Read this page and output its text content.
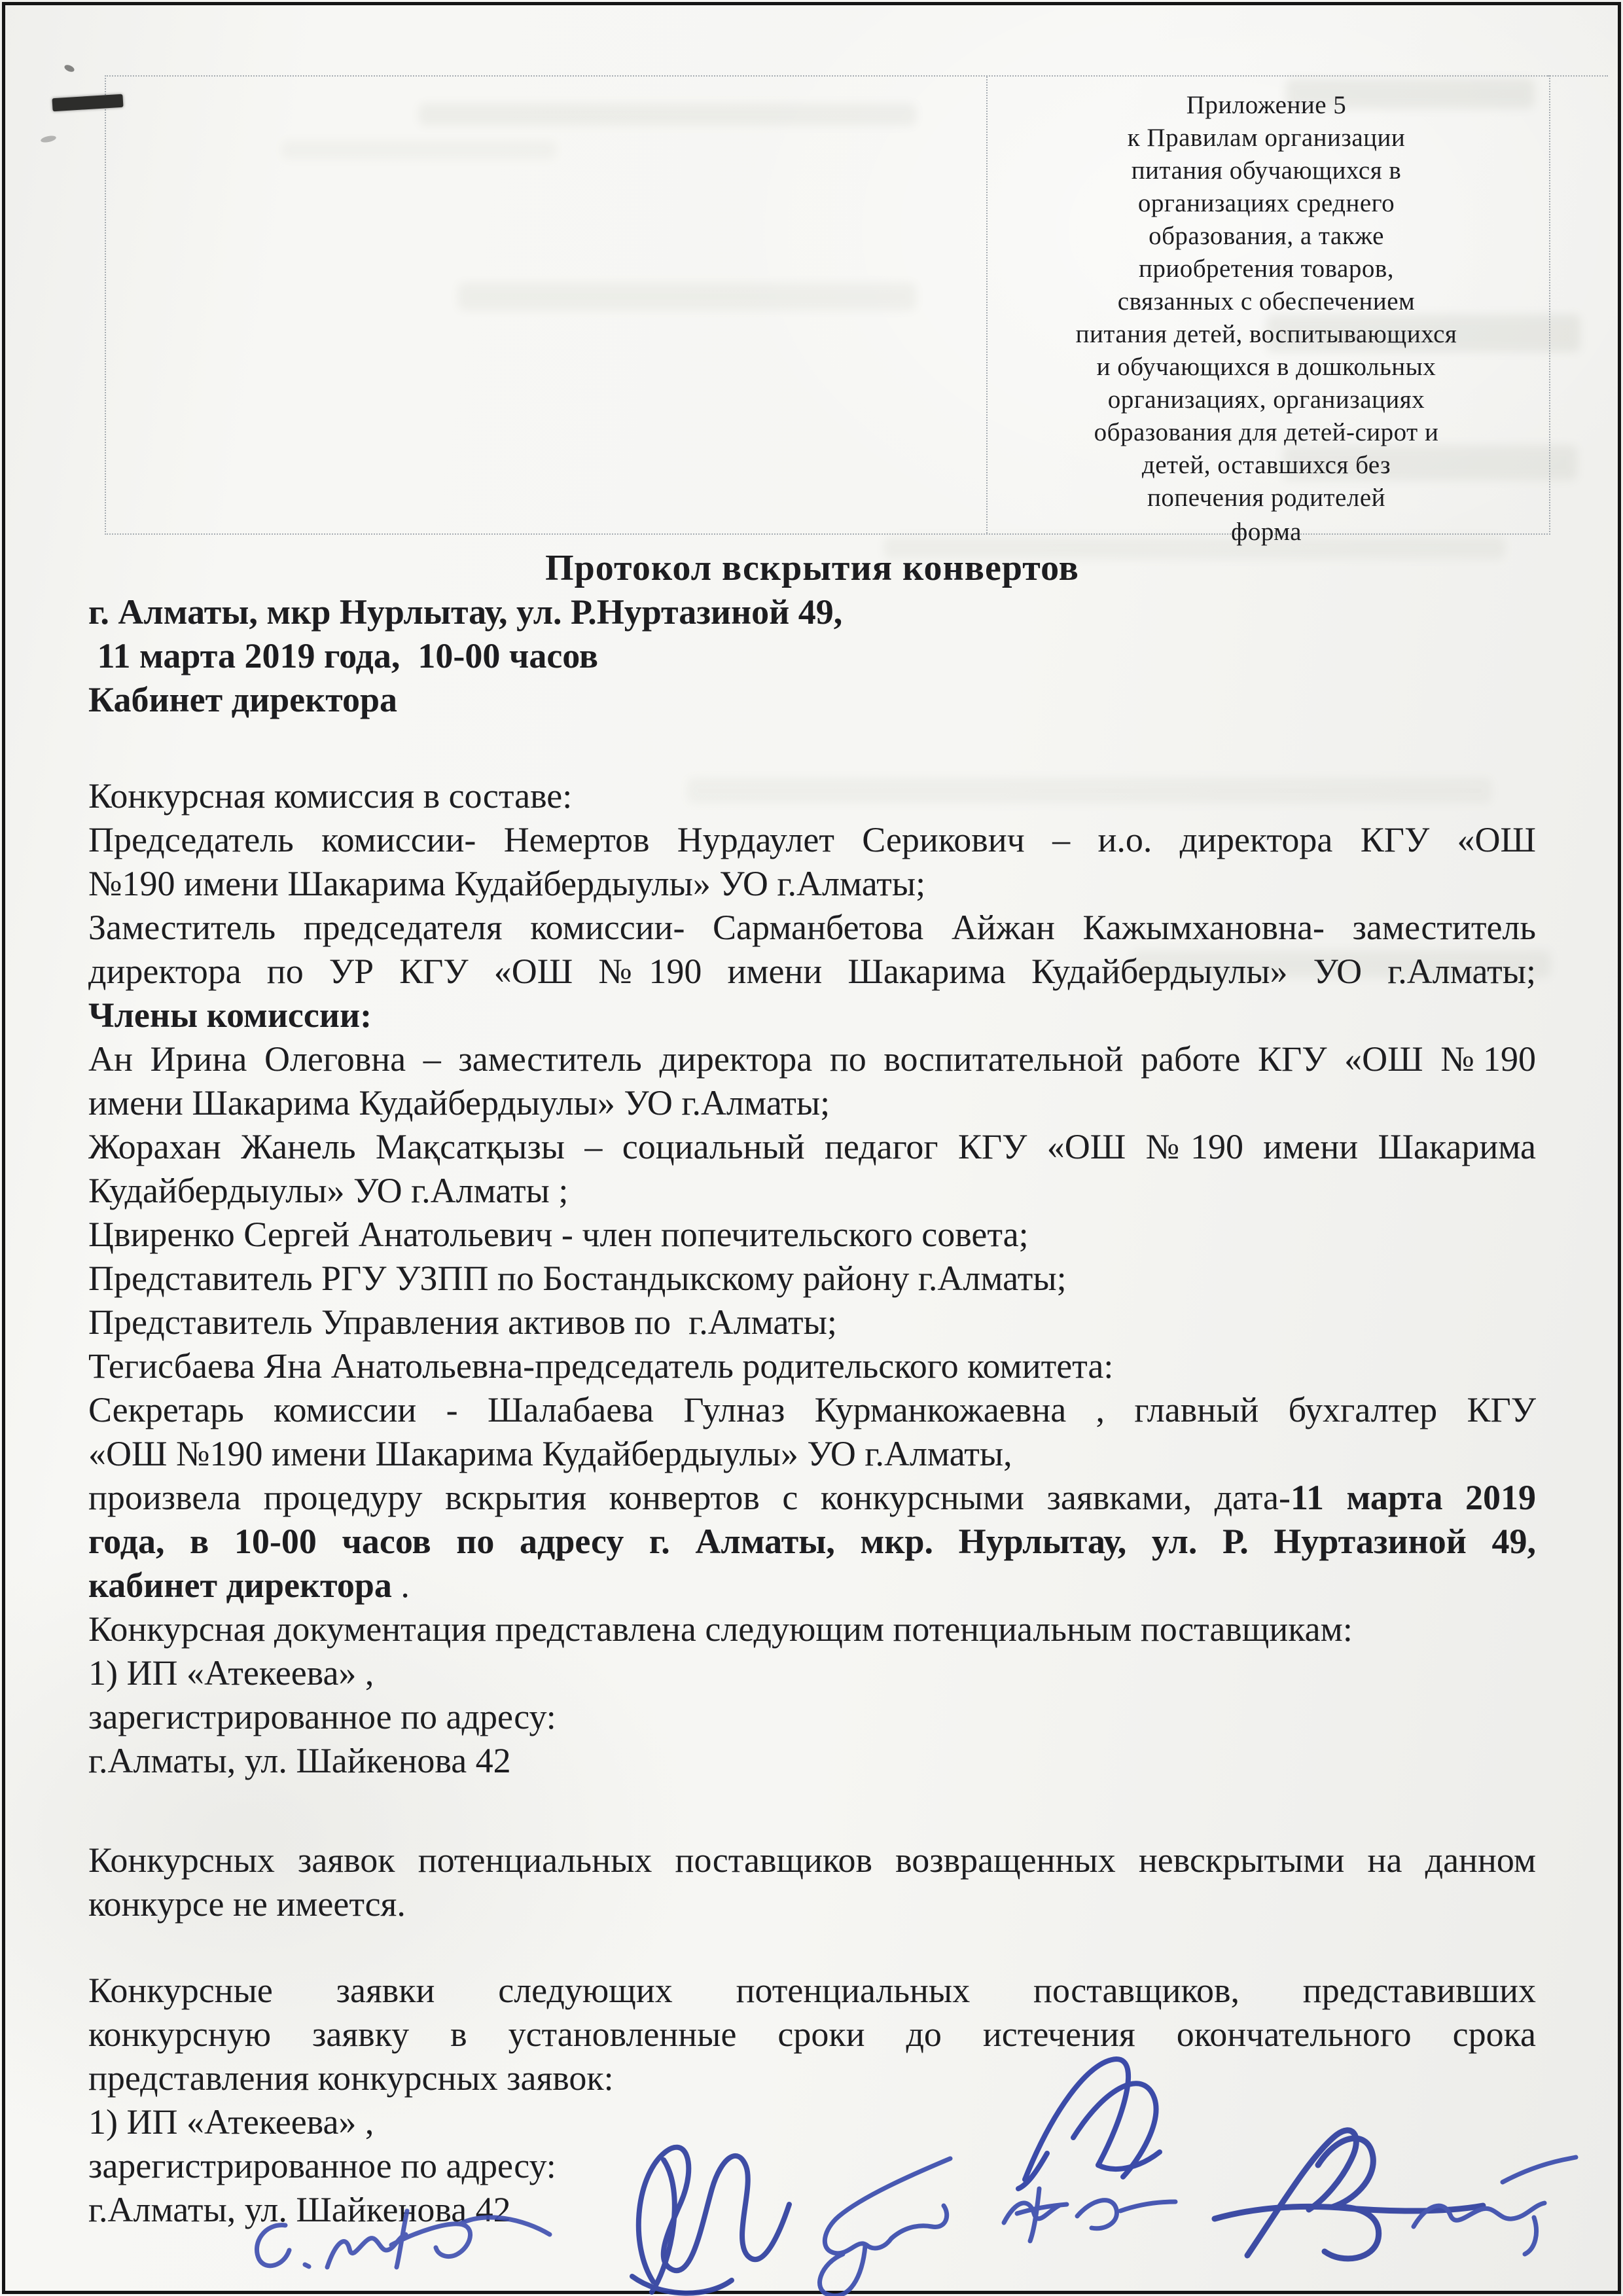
Приложение 5
к Правилам организации
питания обучающихся в
организациях среднего
образования, а также
приобретения товаров,
связанных с обеспечением
питания детей, воспитывающихся
и обучающихся в дошкольных
организациях, организациях
образования для детей-сирот и
детей, оставшихся без
попечения родителей
форма
Протокол вскрытия конвертов
г. Алматы, мкр Нурлытау, ул. Р.Нуртазиной 49,
11 марта 2019 года,  10-00 часов
Кабинет директора
Конкурсная комиссия в составе:
Председатель комиссии- Немертов Нурдаулет Серикович – и.о. директора КГУ «ОШ
№190 имени Шакарима Кудайбердыулы» УО г.Алматы;
Заместитель председателя комиссии- Сарманбетова Айжан Кажымхановна- заместитель
директора по УР КГУ «ОШ №190 имени Шакарима Кудайбердыулы» УО г.Алматы;
Члены комиссии:
Ан Ирина Олеговна – заместитель директора по воспитательной работе КГУ «ОШ №190
имени Шакарима Кудайбердыулы» УО г.Алматы;
Жорахан Жанель Мақсатқызы – социальный педагог КГУ «ОШ №190 имени Шакарима
Кудайбердыулы» УО г.Алматы ;
Цвиренко Сергей Анатольевич - член попечительского совета;
Представитель РГУ УЗПП по Бостандыкскому району г.Алматы;
Представитель Управления активов по  г.Алматы;
Тегисбаева Яна Анатольевна-председатель родительского комитета:
Секретарь комиссии - Шалабаева Гулназ Курманкожаевна , главный бухгалтер КГУ
«ОШ №190 имени Шакарима Кудайбердыулы» УО г.Алматы,
произвела процедуру вскрытия конвертов с конкурсными заявками, дата-11 марта 2019
года, в 10-00 часов по адресу г. Алматы, мкр. Нурлытау, ул. Р. Нуртазиной 49,
кабинет директора .
Конкурсная документация представлена следующим потенциальным поставщикам:
1) ИП «Атекеева» ,
зарегистрированное по адресу:
г.Алматы, ул. Шайкенова 42
Конкурсных заявок потенциальных поставщиков возвращенных невскрытыми на данном
конкурсе не имеется.
Конкурсные заявки следующих потенциальных поставщиков, представивших
конкурсную заявку в установленные сроки до истечения окончательного срока
представления конкурсных заявок:
1) ИП «Атекеева» ,
зарегистрированное по адресу:
г.Алматы, ул. Шайкенова 42
